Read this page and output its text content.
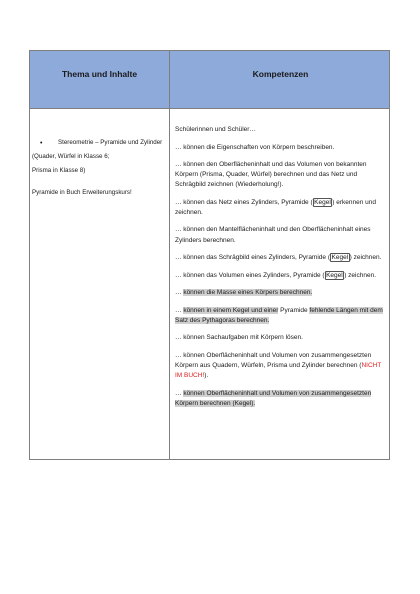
Thema und Inhalte	Kompetenzen
•	Stereometrie – Pyramide und Zylinder

(Quader, Würfel in Klasse 6;

Prisma in Klasse 8)

Pyramide in Buch Erweiterungskurs!

Schülerinnen und Schüler…

… können die Eigenschaften von Körpern beschreiben.

… können den Oberflächeninhalt und das Volumen von bekannten Körpern (Prisma, Quader, Würfel) berechnen und das Netz und Schrägbild zeichnen (Wiederholung!).

… können das Netz eines Zylinders, Pyramide ( Kegel ) erkennen und zeichnen.

… können den Mantelflächeninhalt und den Oberflächeninhalt eines Zylinders berechnen.

… können das Schrägbild eines Zylinders, Pyramide ( Kegel ) zeichnen.

… können das Volumen eines Zylinders, Pyramide ( Kegel ) zeichnen.

… können die Masse eines Körpers berechnen.

… können in einem Kegel und einer Pyramide fehlende Längen mit dem Satz des Pythagoras berechnen.

… können Sachaufgaben mit Körpern lösen.

… können Oberflächeninhalt und Volumen von zusammengesetzten Körpern aus Quadern, Würfeln, Prisma und Zylinder berechnen (NICHT IM BUCH!).

… können Oberflächeninhalt und Volumen von zusammengesetzten Körpern berechnen (Kegel).
